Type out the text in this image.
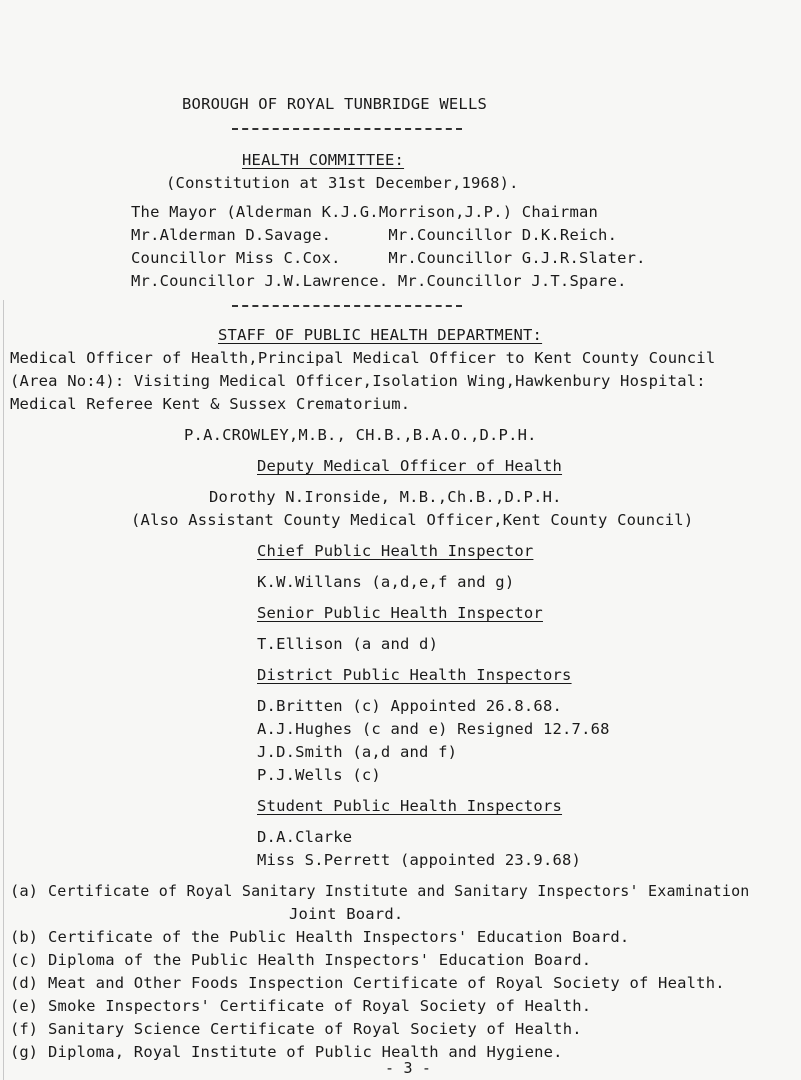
BOROUGH OF ROYAL TUNBRIDGE WELLS
HEALTH COMMITTEE:
(Constitution at 31st December,1968).
The Mayor (Alderman K.J.G.Morrison,J.P.) Chairman
Mr.Alderman D.Savage.      Mr.Councillor D.K.Reich.
Councillor Miss C.Cox.     Mr.Councillor G.J.R.Slater.
Mr.Councillor J.W.Lawrence. Mr.Councillor J.T.Spare.
STAFF OF PUBLIC HEALTH DEPARTMENT:
Medical Officer of Health,Principal Medical Officer to Kent County Council
(Area No:4): Visiting Medical Officer,Isolation Wing,Hawkenbury Hospital:
Medical Referee Kent & Sussex Crematorium.
P.A.CROWLEY,M.B., CH.B.,B.A.O.,D.P.H.
Deputy Medical Officer of Health
Dorothy N.Ironside, M.B.,Ch.B.,D.P.H.
(Also Assistant County Medical Officer,Kent County Council)
Chief Public Health Inspector
K.W.Willans (a,d,e,f and g)
Senior Public Health Inspector
T.Ellison (a and d)
District Public Health Inspectors
D.Britten (c) Appointed 26.8.68.
A.J.Hughes (c and e) Resigned 12.7.68
J.D.Smith (a,d and f)
P.J.Wells (c)
Student Public Health Inspectors
D.A.Clarke
Miss S.Perrett (appointed 23.9.68)
(a) Certificate of Royal Sanitary Institute and Sanitary Inspectors' Examination
Joint Board.
(b) Certificate of the Public Health Inspectors' Education Board.
(c) Diploma of the Public Health Inspectors' Education Board.
(d) Meat and Other Foods Inspection Certificate of Royal Society of Health.
(e) Smoke Inspectors' Certificate of Royal Society of Health.
(f) Sanitary Science Certificate of Royal Society of Health.
(g) Diploma, Royal Institute of Public Health and Hygiene.
- 3 -
